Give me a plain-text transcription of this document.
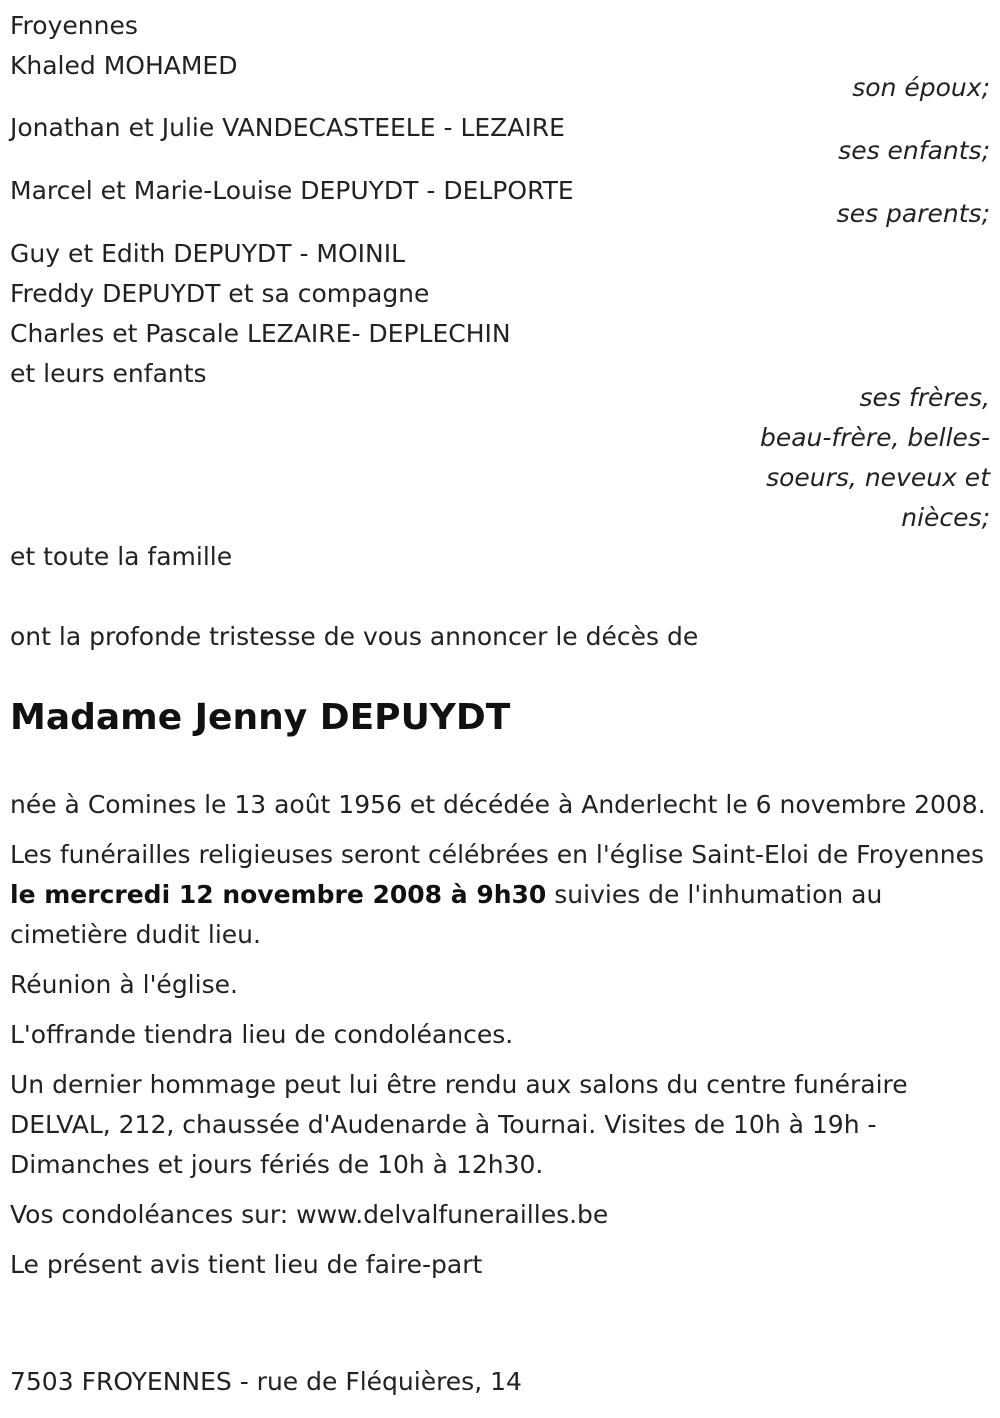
Froyennes
Khaled MOHAMED
son époux;
Jonathan et Julie VANDECASTEELE - LEZAIRE
ses enfants;
Marcel et Marie-Louise DEPUYDT - DELPORTE
ses parents;
Guy et Edith DEPUYDT - MOINIL
Freddy DEPUYDT et sa compagne
Charles et Pascale LEZAIRE- DEPLECHIN
et leurs enfants
ses frères,
beau-frère, belles-
soeurs, neveux et
nièces;
et toute la famille
ont la profonde tristesse de vous annoncer le décès de
Madame Jenny DEPUYDT

née à Comines le 13 août 1956 et décédée à Anderlecht le 6 novembre 2008.

Les funérailles religieuses seront célébrées en l'église Saint-Eloi de Froyennes le mercredi 12 novembre 2008 à 9h30 suivies de l'inhumation au cimetière dudit lieu.

Réunion à l'église.

L'offrande tiendra lieu de condoléances.

Un dernier hommage peut lui être rendu aux salons du centre funéraire DELVAL, 212, chaussée d'Audenarde à Tournai. Visites de 10h à 19h - Dimanches et jours fériés de 10h à 12h30.

Vos condoléances sur: www.delvalfunerailles.be

Le présent avis tient lieu de faire-part

7503 FROYENNES - rue de Fléquières, 14
